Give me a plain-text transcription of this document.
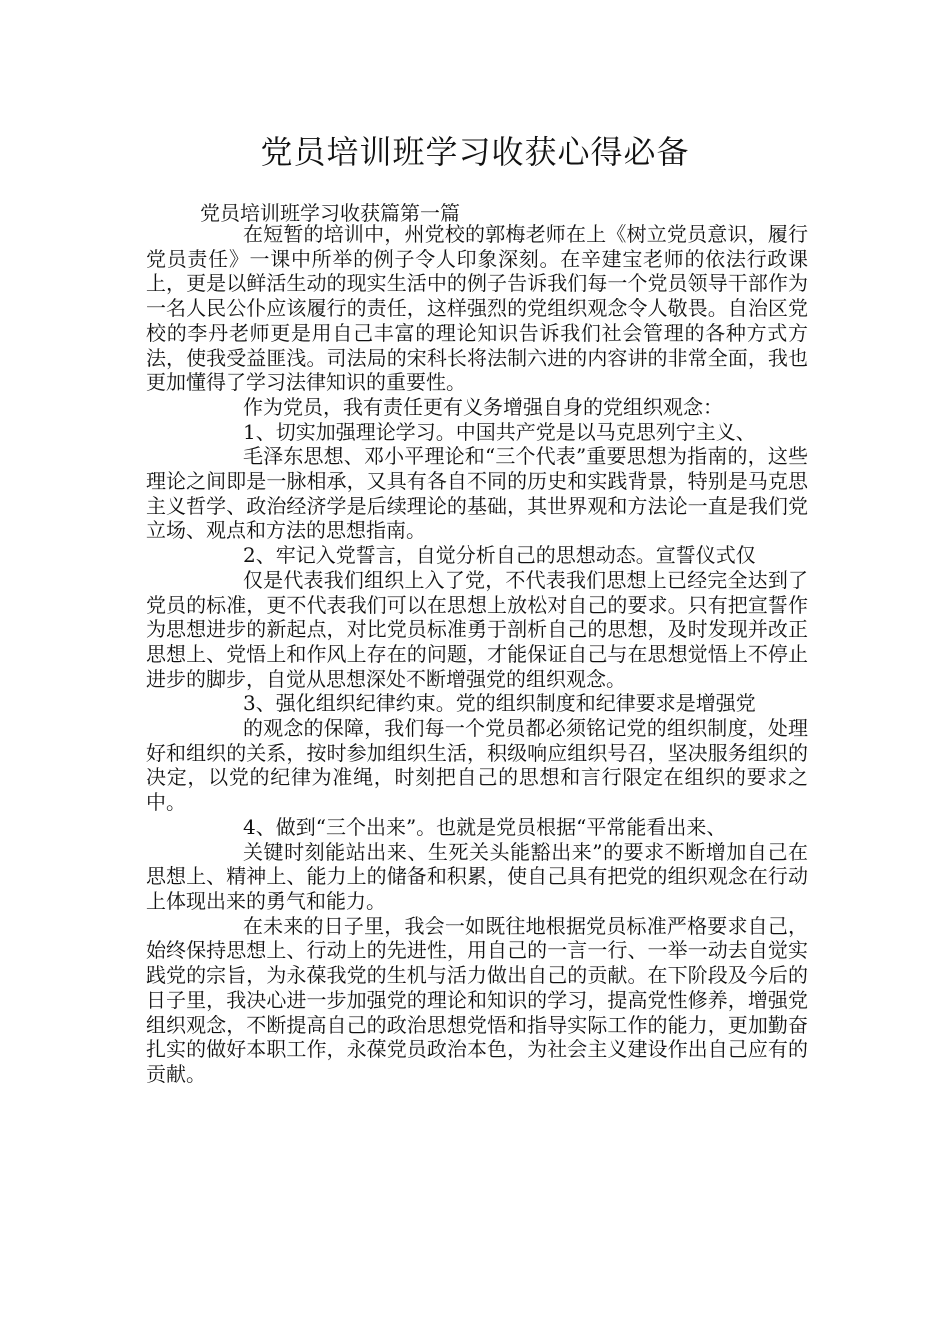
党员培训班学习收获心得必备
党员培训班学习收获篇第一篇

在短暂的培训中，州党校的郭梅老师在上《树立党员意识，履行党员责任》一课中所举的例子令人印象深刻。在辛建宝老师的依法行政课上，更是以鲜活生动的现实生活中的例子告诉我们每一个党员领导干部作为一名人民公仆应该履行的责任，这样强烈的党组织观念令人敬畏。自治区党校的李丹老师更是用自己丰富的理论知识告诉我们社会管理的各种方式方法，使我受益匪浅。司法局的宋科长将法制六进的内容讲的非常全面，我也更加懂得了学习法律知识的重要性。

作为党员，我有责任更有义务增强自身的党组织观念：

1、切实加强理论学习。中国共产党是以马克思列宁主义、

毛泽东思想、邓小平理论和“三个代表”重要思想为指南的，这些理论之间即是一脉相承，又具有各自不同的历史和实践背景，特别是马克思主义哲学、政治经济学是后续理论的基础，其世界观和方法论一直是我们党立场、观点和方法的思想指南。

2、牢记入党誓言，自觉分析自己的思想动态。宣誓仪式仅

仅是代表我们组织上入了党，不代表我们思想上已经完全达到了党员的标准，更不代表我们可以在思想上放松对自己的要求。只有把宣誓作为思想进步的新起点，对比党员标准勇于剖析自己的思想，及时发现并改正思想上、党悟上和作风上存在的问题，才能保证自己与在思想觉悟上不停止进步的脚步，自觉从思想深处不断增强党的组织观念。

3、强化组织纪律约束。党的组织制度和纪律要求是增强党

的观念的保障，我们每一个党员都必须铭记党的组织制度，处理好和组织的关系，按时参加组织生活，积级响应组织号召，坚决服务组织的决定，以党的纪律为准绳，时刻把自己的思想和言行限定在组织的要求之中。

4、做到“三个出来”。也就是党员根据“平常能看出来、

关键时刻能站出来、生死关头能豁出来”的要求不断增加自己在思想上、精神上、能力上的储备和积累，使自己具有把党的组织观念在行动上体现出来的勇气和能力。

在未来的日子里，我会一如既往地根据党员标准严格要求自己，始终保持思想上、行动上的先进性，用自己的一言一行、一举一动去自觉实践党的宗旨，为永葆我党的生机与活力做出自己的贡献。在下阶段及今后的日子里，我决心进一步加强党的理论和知识的学习，提高党性修养，增强党组织观念，不断提高自己的政治思想党悟和指导实际工作的能力，更加勤奋扎实的做好本职工作，永葆党员政治本色，为社会主义建设作出自己应有的贡献。
